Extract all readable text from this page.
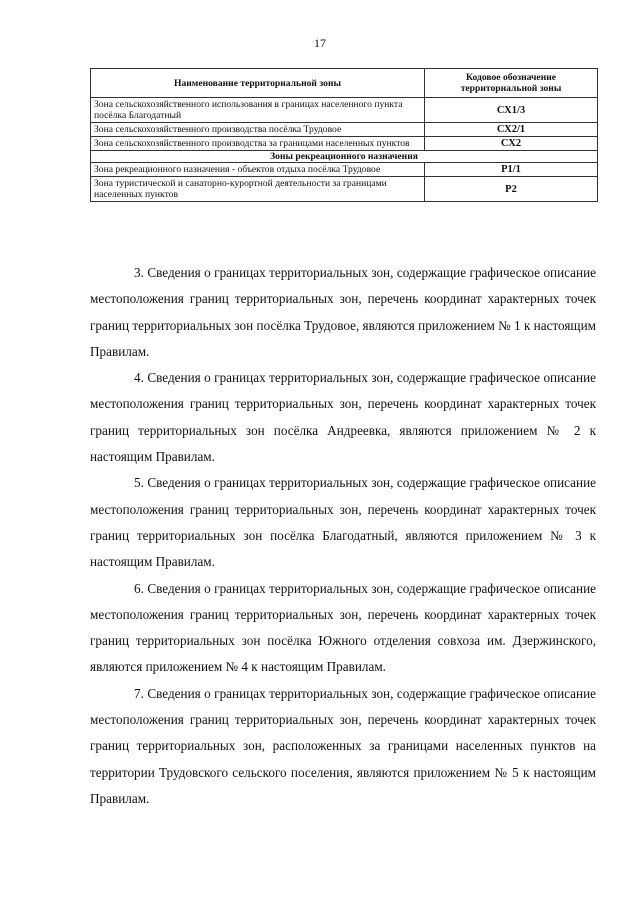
17
Наименование территориальной зоны	Кодовое обозначение территориальной зоны
Зона сельскохозяйственного использования в границах населенного пункта посёлка Благодатный	СХ1/3
Зона сельскохозяйственного производства посёлка Трудовое	СХ2/1
Зона сельскохозяйственного производства за границами населенных пунктов	СХ2
Зоны рекреационного назначения	
Зона рекреационного назначения - объектов отдыха посёлка Трудовое	Р1/1
Зона туристической и санаторно-курортной деятельности за границами населенных пунктов	Р2

3. Сведения о границах территориальных зон, содержащие графическое описание местоположения границ территориальных зон, перечень координат характерных точек границ территориальных зон посёлка Трудовое, являются приложением № 1 к настоящим Правилам.

4. Сведения о границах территориальных зон, содержащие графическое описание местоположения границ территориальных зон, перечень координат характерных точек границ территориальных зон посёлка Андреевка, являются приложением № 2 к настоящим Правилам.

5. Сведения о границах территориальных зон, содержащие графическое описание местоположения границ территориальных зон, перечень координат характерных точек границ территориальных зон посёлка Благодатный, являются приложением № 3 к настоящим Правилам.

6. Сведения о границах территориальных зон, содержащие графическое описание местоположения границ территориальных зон, перечень координат характерных точек границ территориальных зон посёлка Южного отделения совхоза им. Дзержинского, являются приложением № 4 к настоящим Правилам.

7. Сведения о границах территориальных зон, содержащие графическое описание местоположения границ территориальных зон, перечень координат характерных точек границ территориальных зон, расположенных за границами населенных пунктов на территории Трудовского сельского поселения, являются приложением № 5 к настоящим Правилам.
